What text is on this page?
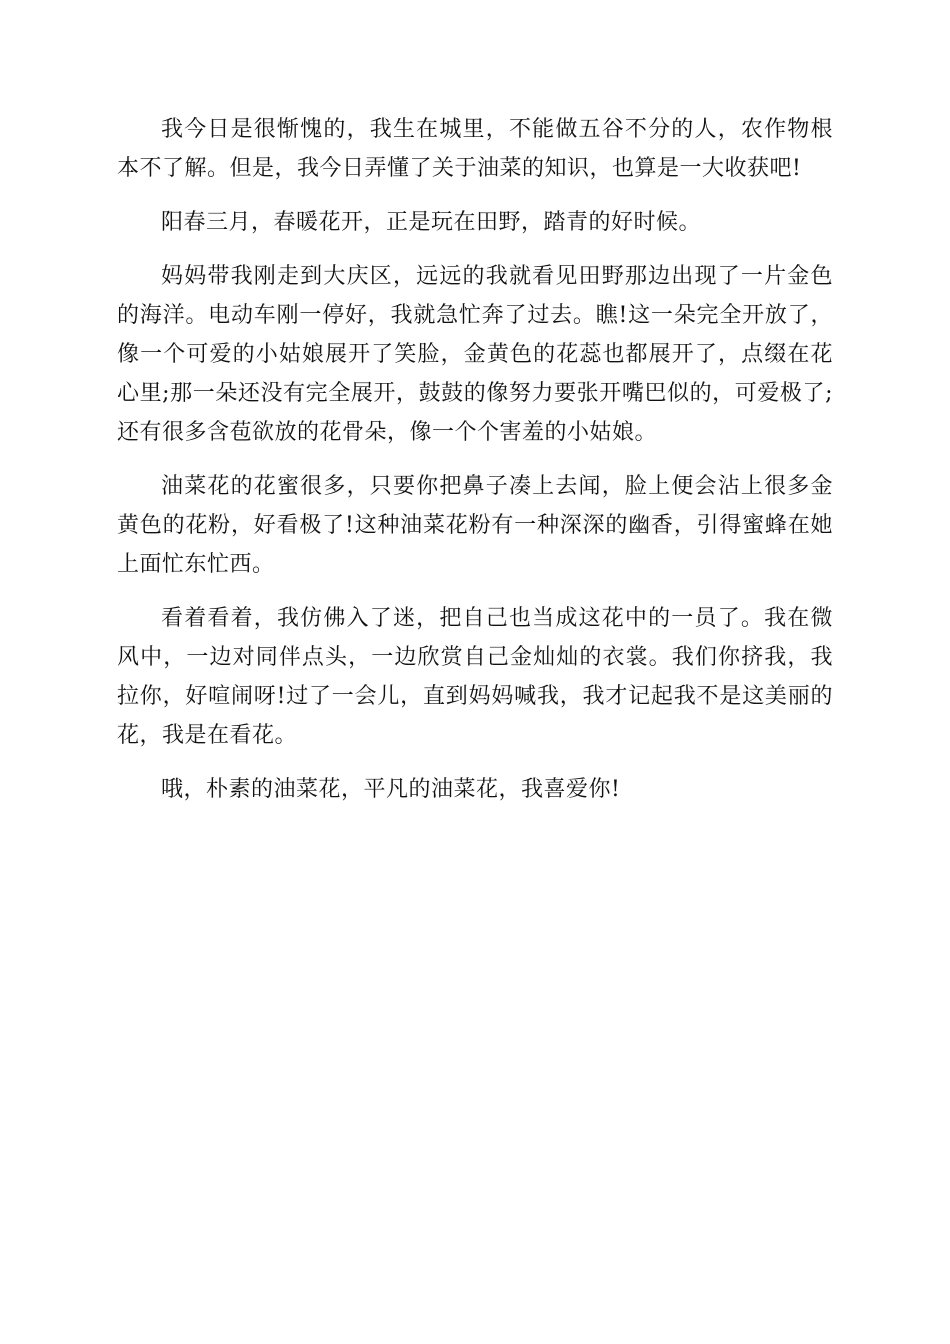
我今日是很惭愧的，我生在城里，不能做五谷不分的人，农作物根本不了解。但是，我今日弄懂了关于油菜的知识，也算是一大收获吧!

阳春三月，春暖花开，正是玩在田野，踏青的好时候。

妈妈带我刚走到大庆区，远远的我就看见田野那边出现了一片金色的海洋。电动车刚一停好，我就急忙奔了过去。瞧!这一朵完全开放了，像一个可爱的小姑娘展开了笑脸，金黄色的花蕊也都展开了，点缀在花心里;那一朵还没有完全展开，鼓鼓的像努力要张开嘴巴似的，可爱极了;还有很多含苞欲放的花骨朵，像一个个害羞的小姑娘。

油菜花的花蜜很多，只要你把鼻子凑上去闻，脸上便会沾上很多金黄色的花粉，好看极了!这种油菜花粉有一种深深的幽香，引得蜜蜂在她上面忙东忙西。

看着看着，我仿佛入了迷，把自己也当成这花中的一员了。我在微风中，一边对同伴点头，一边欣赏自己金灿灿的衣裳。我们你挤我，我拉你，好喧闹呀!过了一会儿，直到妈妈喊我，我才记起我不是这美丽的花，我是在看花。

哦，朴素的油菜花，平凡的油菜花，我喜爱你!
